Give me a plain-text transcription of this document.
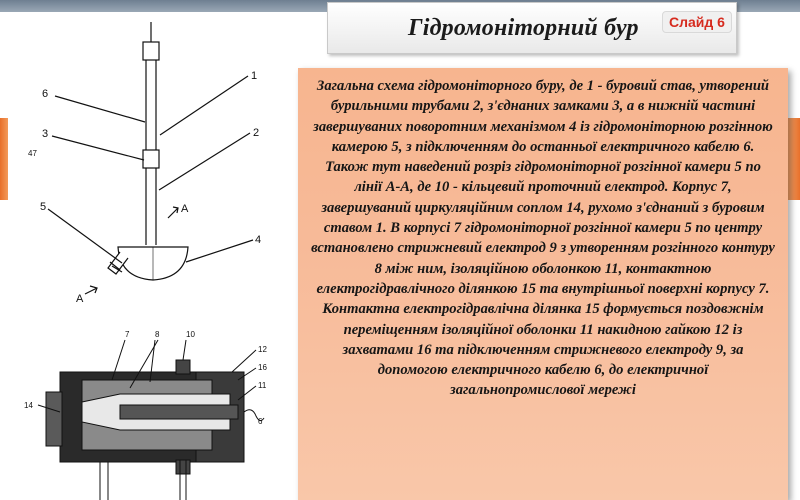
Гідромоніторний бур	Слайд 6
1
2
6
3
5
4
A
A
47
7	8	10
12
16
11
14
6

Загальна схема гідромоніторного буру, де 1 - буровий став, утворений бурильними трубами 2, з'єднаних замками 3, а в нижній частині завершуваних поворотним механізмом 4 із гідромоніторною розгінною камерою 5, з підключенням до останньої електричного кабелю 6. Також тут наведений розріз гідромоніторної розгінної камери 5 по лінії А-А, де 10 - кільцевий проточний електрод. Корпус 7, завершуваний циркуляційним соплом 14, рухомо з'єднаний з буровим ставом 1. В корпусі 7 гідромоніторної розгінної камери 5 по центру встановлено стрижневий електрод 9 з утворенням розгінного контуру 8 між ним, ізоляційною оболонкою 11, контактною електрогідравлічного ділянкою 15 та внутрішньої поверхні корпусу 7. Контактна електрогідравлічна ділянка 15 формується поздовжнім переміщенням ізоляційної оболонки 11 накидною гайкою 12 із захватами 16 та підключенням стрижневого електроду 9, за допомогою електричного кабелю 6, до електричної загальнопромислової мережі
